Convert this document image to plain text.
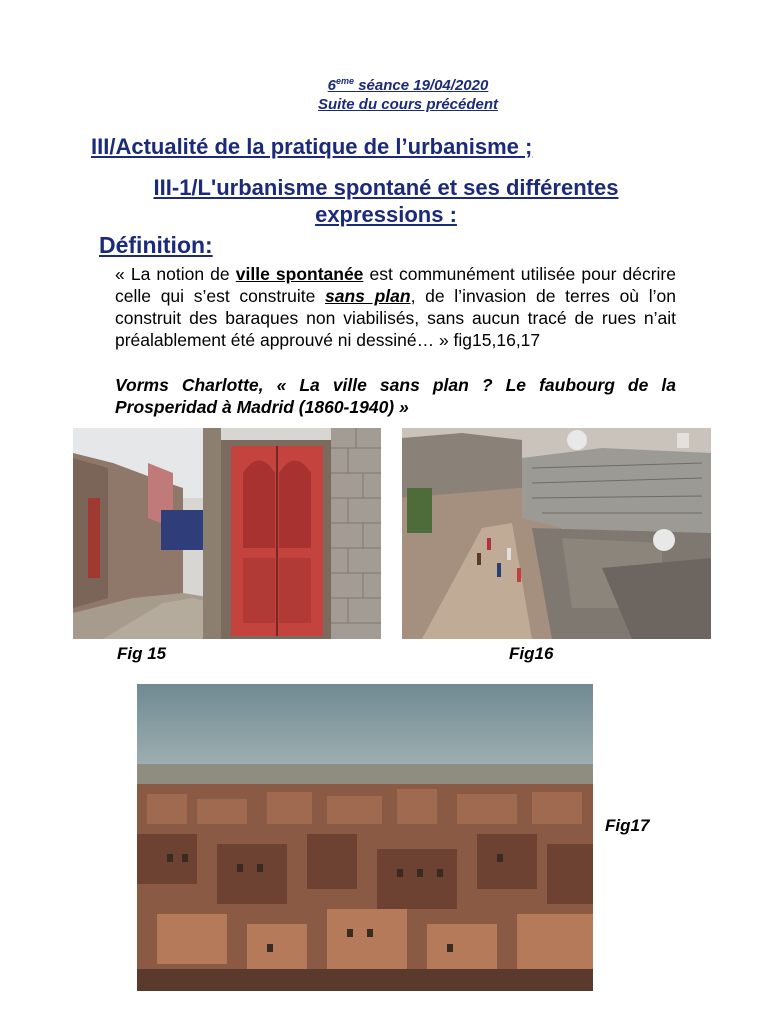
6eme séance 19/04/2020
Suite du cours précédent
III/Actualité de la pratique de l’urbanisme ;
III-1/L'urbanisme spontané et ses différentes expressions :
Définition:
« La notion de ville spontanée est communément utilisée pour décrire celle qui s’est construite sans plan, de l’invasion de terres où l’on construit des baraques non viabilisés, sans aucun tracé de rues n’ait préalablement été approuvé ni dessiné… » fig15,16,17
Vorms Charlotte, « La ville sans plan ? Le faubourg de la Prosperidad à Madrid (1860-1940) »
Fig 15	Fig16
Fig17
